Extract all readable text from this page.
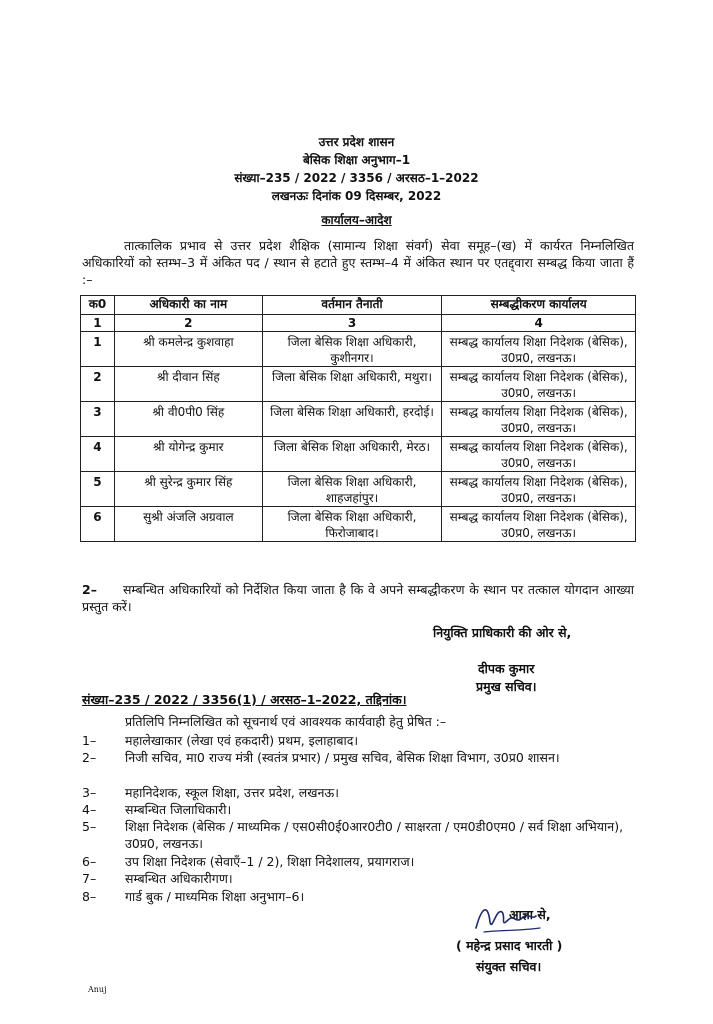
उत्तर प्रदेश शासन
बेसिक शिक्षा अनुभाग–1
संख्या–235 / 2022 / 3356 / अरसठ–1–2022
लखनऊः दिनांक 09 दिसम्बर, 2022
कार्यालय–आदेश
तात्कालिक प्रभाव से उत्तर प्रदेश शैक्षिक (सामान्य शिक्षा संवर्ग) सेवा समूह–(ख) में कार्यरत निम्नलिखित अधिकारियों को स्तम्भ–3 में अंकित पद / स्थान से हटाते हुए स्तम्भ–4 में अंकित स्थान पर एतद्द्वारा सम्बद्ध किया जाता हैं :–
क0	अधिकारी का नाम	वर्तमान तैनाती	सम्बद्धीकरण कार्यालय
1	2	3	4
1	श्री कमलेन्द्र कुशवाहा	जिला बेसिक शिक्षा अधिकारी, कुशीनगर।	सम्बद्ध कार्यालय शिक्षा निदेशक (बेसिक), उ0प्र0, लखनऊ।
2	श्री दीवान सिंह	जिला बेसिक शिक्षा अधिकारी, मथुरा।	सम्बद्ध कार्यालय शिक्षा निदेशक (बेसिक), उ0प्र0, लखनऊ।
3	श्री वी0पी0 सिंह	जिला बेसिक शिक्षा अधिकारी, हरदोई।	सम्बद्ध कार्यालय शिक्षा निदेशक (बेसिक), उ0प्र0, लखनऊ।
4	श्री योगेन्द्र कुमार	जिला बेसिक शिक्षा अधिकारी, मेरठ।	सम्बद्ध कार्यालय शिक्षा निदेशक (बेसिक), उ0प्र0, लखनऊ।
5	श्री सुरेन्द्र कुमार सिंह	जिला बेसिक शिक्षा अधिकारी, शाहजहांपुर।	सम्बद्ध कार्यालय शिक्षा निदेशक (बेसिक), उ0प्र0, लखनऊ।
6	सुश्री अंजलि अग्रवाल	जिला बेसिक शिक्षा अधिकारी, फिरोजाबाद।	सम्बद्ध कार्यालय शिक्षा निदेशक (बेसिक), उ0प्र0, लखनऊ।
2– सम्बन्धित अधिकारियों को निर्देशित किया जाता है कि वे अपने सम्बद्धीकरण के स्थान पर तत्काल योगदान आख्या प्रस्तुत करें।
नियुक्ति प्राधिकारी की ओर से,
दीपक कुमार
प्रमुख सचिव।
संख्या–235 / 2022 / 3356(1) / अरसठ–1–2022, तद्दिनांक।
प्रतिलिपि निम्नलिखित को सूचनार्थ एवं आवश्यक कार्यवाही हेतु प्रेषित :–
1– महालेखाकार (लेखा एवं हकदारी) प्रथम, इलाहाबाद।
2– निजी सचिव, मा0 राज्य मंत्री (स्वतंत्र प्रभार) / प्रमुख सचिव, बेसिक शिक्षा विभाग, उ0प्र0 शासन।
3– महानिदेशक, स्कूल शिक्षा, उत्तर प्रदेश, लखनऊ।
4– सम्बन्धित जिलाधिकारी।
5– शिक्षा निदेशक (बेसिक / माध्यमिक / एस0सी0ई0आर0टी0 / साक्षरता / एम0डी0एम0 / सर्व शिक्षा अभियान), उ0प्र0, लखनऊ।
6– उप शिक्षा निदेशक (सेवाएँ–1 / 2), शिक्षा निदेशालय, प्रयागराज।
7– सम्बन्धित अधिकारीगण।
8– गार्ड बुक / माध्यमिक शिक्षा अनुभाग–6।
आज्ञा से,
( महेन्द्र प्रसाद भारती )
संयुक्त सचिव।
Anuj
